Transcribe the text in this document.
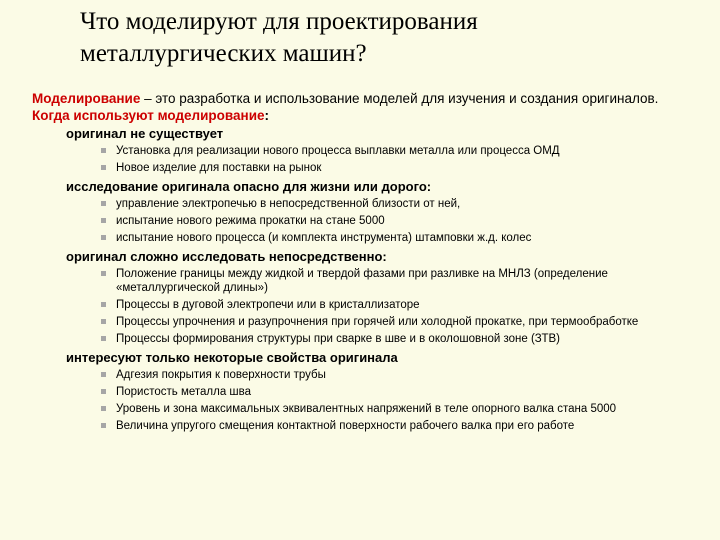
Что моделируют для проектирования металлургических машин?

Моделирование – это разработка и использование моделей для изучения и создания оригиналов.

Когда используют моделирование:

оригинал не существует

Установка для реализации нового процесса выплавки металла или процесса ОМД
Новое изделие для поставки на рынок

исследование оригинала опасно для жизни или дорого:

управление электропечью в непосредственной близости от ней,
испытание нового режима прокатки на стане 5000
испытание нового процесса (и комплекта инструмента) штамповки ж.д. колес

оригинал сложно исследовать непосредственно:

Положение границы между жидкой и твердой фазами при разливке на МНЛЗ (определение «металлургической длины»)
Процессы в дуговой электропечи или в кристаллизаторе
Процессы упрочнения и разупрочнения при горячей или холодной прокатке, при термообработке
Процессы формирования структуры при сварке в шве и в околошовной зоне (ЗТВ)

интересуют только некоторые свойства оригинала

Адгезия покрытия к поверхности трубы
Пористость металла шва
Уровень и зона максимальных эквивалентных напряжений в теле опорного валка стана 5000
Величина упругого смещения контактной поверхности рабочего валка при его работе
